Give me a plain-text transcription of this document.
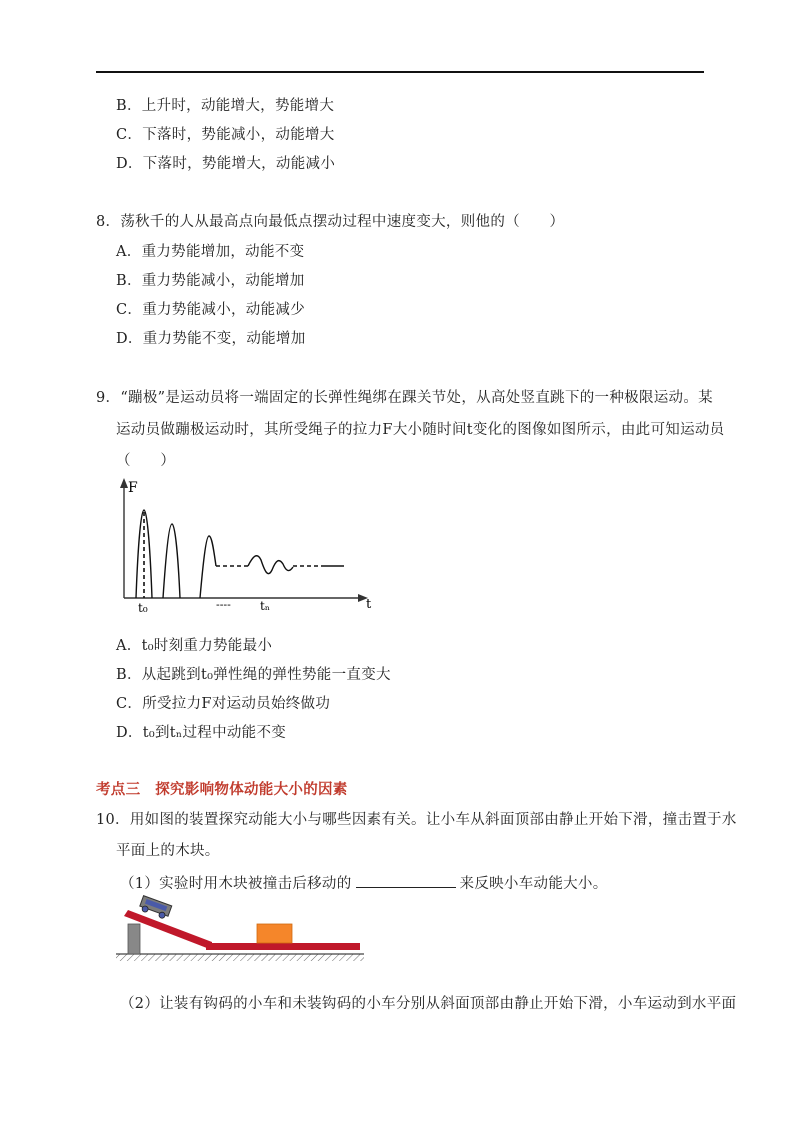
B．上升时，动能增大，势能增大
C．下落时，势能减小，动能增大
D．下落时，势能增大，动能减小
8．荡秋千的人从最高点向最低点摆动过程中速度变大，则他的（　　）
A．重力势能增加，动能不变
B．重力势能减小，动能增加
C．重力势能减小，动能减少
D．重力势能不变，动能增加
9．“蹦极”是运动员将一端固定的长弹性绳绑在踝关节处，从高处竖直跳下的一种极限运动。某
运动员做蹦极运动时，其所受绳子的拉力F大小随时间t变化的图像如图所示，由此可知运动员
（　　）
F
t
t₀	---- tₙ
A．t₀时刻重力势能最小
B．从起跳到t₀弹性绳的弹性势能一直变大
C．所受拉力F对运动员始终做功
D．t₀到tₙ过程中动能不变
考点三　探究影响物体动能大小的因素
10．用如图的装置探究动能大小与哪些因素有关。让小车从斜面顶部由静止开始下滑，撞击置于水
平面上的木块。
（1）实验时用木块被撞击后移动的	来反映小车动能大小。
（2）让装有钩码的小车和未装钩码的小车分别从斜面顶部由静止开始下滑，小车运动到水平面
